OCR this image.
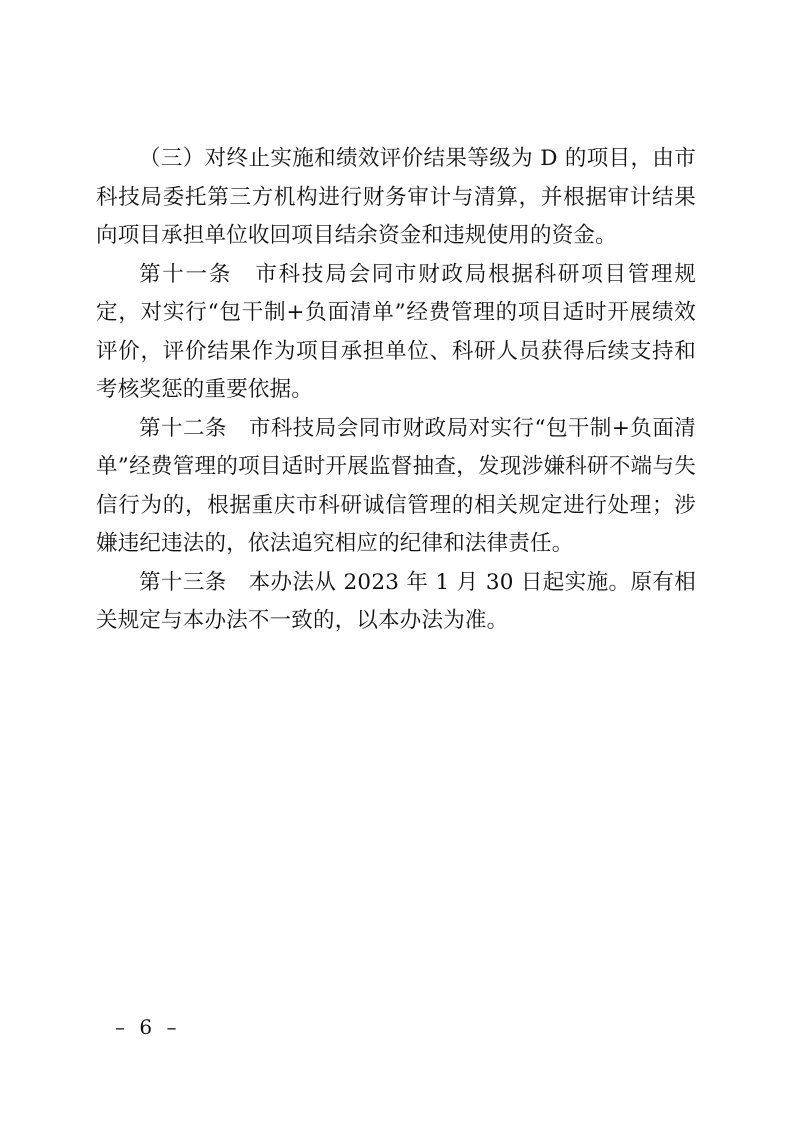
（三）对终止实施和绩效评价结果等级为 D 的项目，由市科技局委托第三方机构进行财务审计与清算，并根据审计结果向项目承担单位收回项目结余资金和违规使用的资金。

第十一条　市科技局会同市财政局根据科研项目管理规定，对实行“包干制+负面清单”经费管理的项目适时开展绩效评价，评价结果作为项目承担单位、科研人员获得后续支持和考核奖惩的重要依据。

第十二条　市科技局会同市财政局对实行“包干制+负面清单”经费管理的项目适时开展监督抽查，发现涉嫌科研不端与失信行为的，根据重庆市科研诚信管理的相关规定进行处理；涉嫌违纪违法的，依法追究相应的纪律和法律责任。

第十三条　本办法从 2023 年 1 月 30 日起实施。原有相关规定与本办法不一致的，以本办法为准。

– 6 –
